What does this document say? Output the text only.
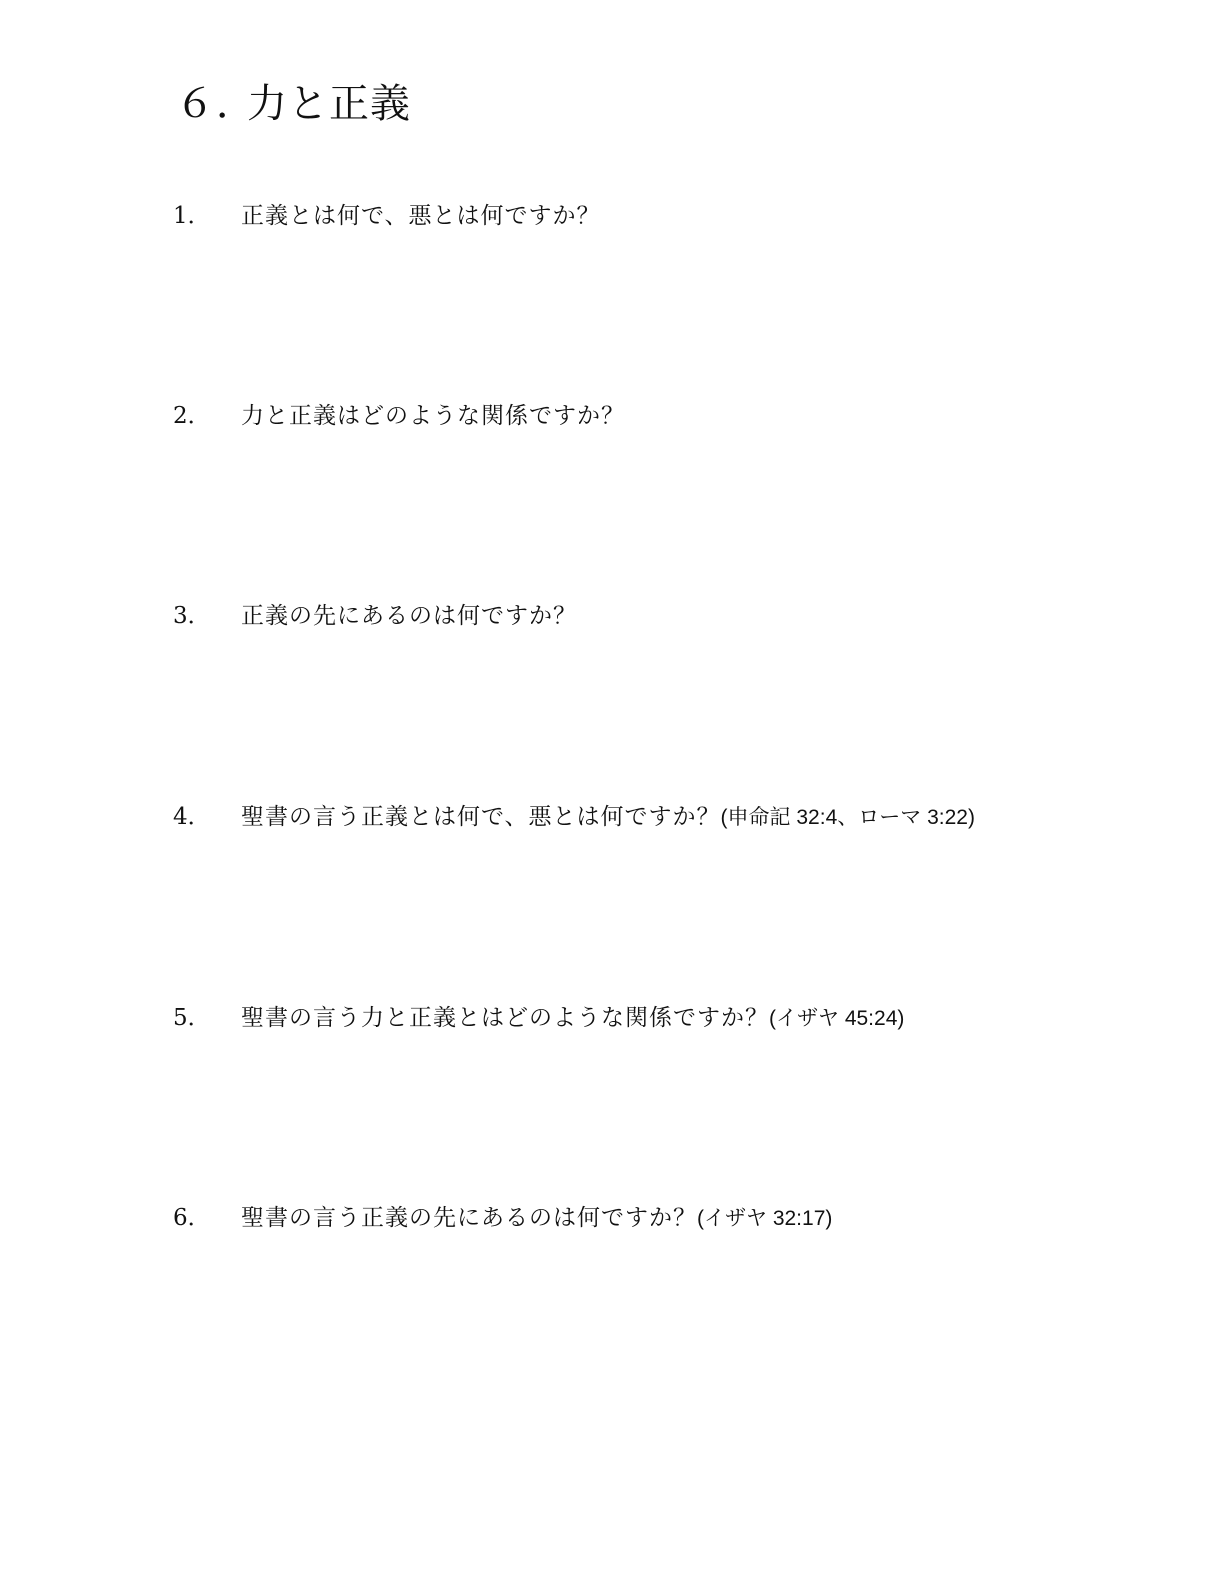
６．力と正義
1．	正義とは何で、悪とは何ですか？
2．	力と正義はどのような関係ですか？
3．	正義の先にあるのは何ですか？
4．	聖書の言う正義とは何で、悪とは何ですか？(申命記 32:4、ローマ 3:22)
5．	聖書の言う力と正義とはどのような関係ですか？(イザヤ 45:24)
6．	聖書の言う正義の先にあるのは何ですか？(イザヤ 32:17)
